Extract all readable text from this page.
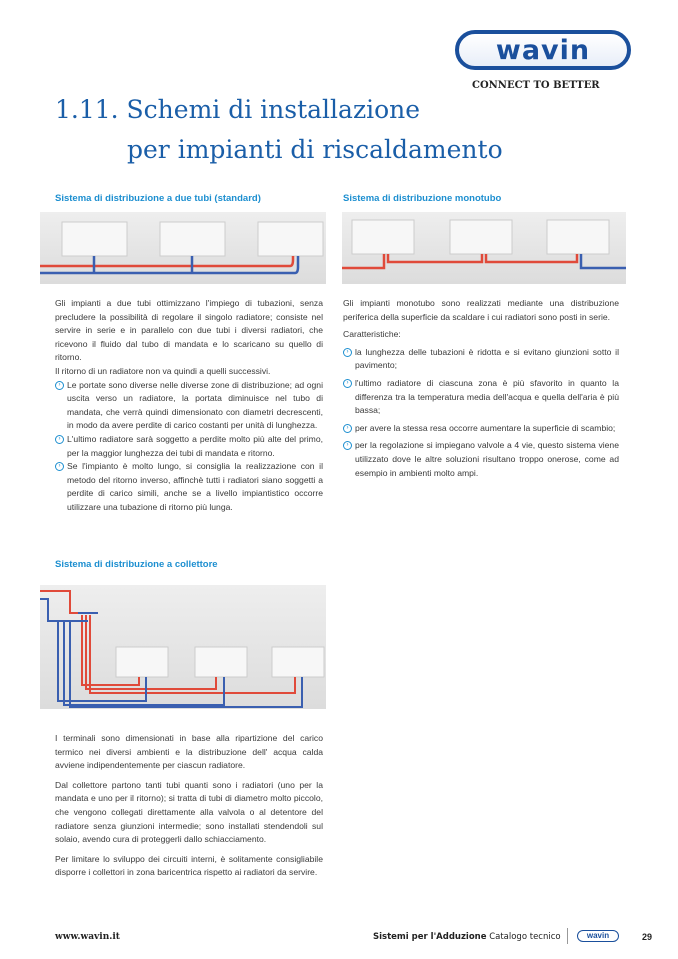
wavin
CONNECT TO BETTER
1.11. Schemi di installazione
per impianti di riscaldamento
Sistema di distribuzione a due tubi (standard)

Gli impianti a due tubi ottimizzano l'impiego di tubazioni, senza precludere la possibilità di regolare il singolo radiatore; consiste nel servire in serie e in parallelo con due tubi i diversi radiatori, che ricevono il fluido dal tubo di mandata e lo scaricano su quello di ritorno.

Il ritorno di un radiatore non va quindi a quelli successivi.

› Le portate sono diverse nelle diverse zone di distribuzione; ad ogni uscita verso un radiatore, la portata diminuisce nel tubo di mandata, che verrà quindi dimensionato con diametri decrescenti, in modo da avere perdite di carico costanti per unità di lunghezza.
› L'ultimo radiatore sarà soggetto a perdite molto più alte del primo, per la maggior lunghezza dei tubi di mandata e ritorno.
› Se l'impianto è molto lungo, si consiglia la realizzazione con il metodo del ritorno inverso, affinchè tutti i radiatori siano soggetti a perdite di carico simili, anche se a livello impiantistico occorre utilizzare una tubazione di ritorno più lunga.
Sistema di distribuzione monotubo

Gli impianti monotubo sono realizzati mediante una distribuzione periferica della superficie da scaldare i cui radiatori sono posti in serie.

Caratteristiche:

› la lunghezza delle tubazioni è ridotta e si evitano giunzioni sotto il pavimento;
› l'ultimo radiatore di ciascuna zona è più sfavorito in quanto la differenza tra la temperatura media dell'acqua e quella dell'aria è più bassa;
› per avere la stessa resa occorre aumentare la superficie di scambio;
› per la regolazione si impiegano valvole a 4 vie, questo sistema viene utilizzato dove le altre soluzioni risultano troppo onerose, come ad esempio in ambienti molto ampi.
Sistema di distribuzione a collettore

I terminali sono dimensionati in base alla ripartizione del carico termico nei diversi ambienti e la distribuzione dell' acqua calda avviene indipendentemente per ciascun radiatore.

Dal collettore partono tanti tubi quanti sono i radiatori (uno per la mandata e uno per il ritorno); si tratta di tubi di diametro molto piccolo, che vengono collegati direttamente alla valvola o al detentore del radiatore senza giunzioni intermedie; sono installati stendendoli sul solaio, avendo cura di proteggerli dallo schiacciamento.

Per limitare lo sviluppo dei circuiti interni, è solitamente consigliabile disporre i collettori in zona baricentrica rispetto ai radiatori da servire.

www.wavin.it	Sistemi per l'Adduzione Catalogo tecnico	wavin	29
